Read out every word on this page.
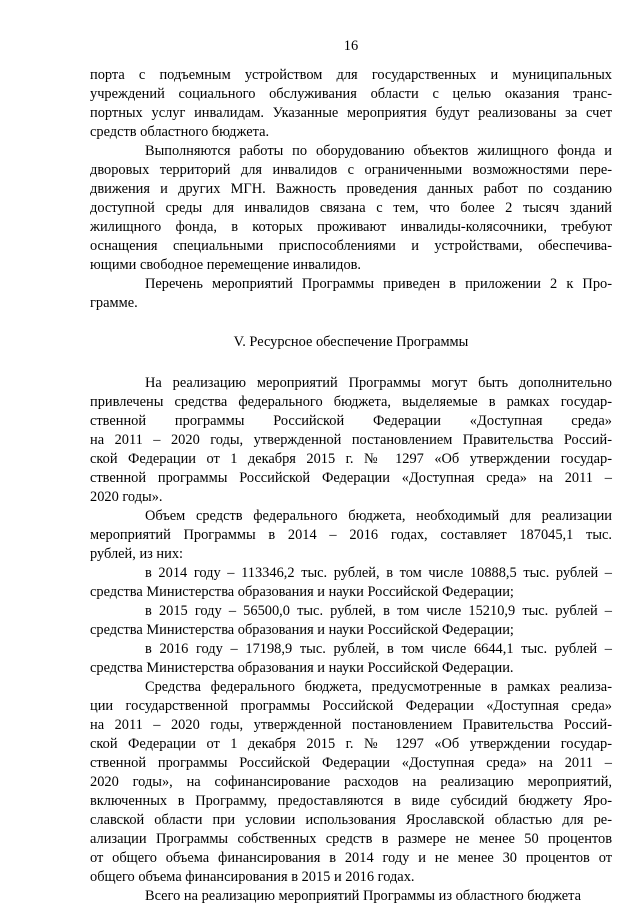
16

порта с подъемным устройством для государственных и муниципальных

учреждений социального обслуживания области с целью оказания транс-

портных услуг инвалидам. Указанные мероприятия будут реализованы за счет

средств областного бюджета.

Выполняются работы по оборудованию объектов жилищного фонда и

дворовых территорий для инвалидов с ограниченными возможностями пере-

движения и других МГН. Важность проведения данных работ по созданию

доступной среды для инвалидов связана с тем, что более 2 тысяч зданий

жилищного фонда, в которых проживают инвалиды-колясочники, требуют

оснащения специальными приспособлениями и устройствами, обеспечива-

ющими свободное перемещение инвалидов.

Перечень мероприятий Программы приведен в приложении 2 к Про-

грамме.

V. Ресурсное обеспечение Программы

На реализацию мероприятий Программы могут быть дополнительно

привлечены средства федерального бюджета, выделяемые в рамках государ-

ственной программы Российской Федерации «Доступная среда»

на 2011 – 2020 годы, утвержденной постановлением Правительства Россий-

ской Федерации от 1 декабря 2015 г. № 1297 «Об утверждении государ-

ственной программы Российской Федерации «Доступная среда» на 2011 –

2020 годы».

Объем средств федерального бюджета, необходимый для реализации

мероприятий Программы в 2014 – 2016 годах, составляет 187045,1 тыс.

рублей, из них:

в 2014 году – 113346,2 тыс. рублей, в том числе 10888,5 тыс. рублей –

средства Министерства образования и науки Российской Федерации;

в 2015 году – 56500,0 тыс. рублей, в том числе 15210,9 тыс. рублей –

средства Министерства образования и науки Российской Федерации;

в 2016 году – 17198,9 тыс. рублей, в том числе 6644,1 тыс. рублей –

средства Министерства образования и науки Российской Федерации.

Средства федерального бюджета, предусмотренные в рамках реализа-

ции государственной программы Российской Федерации «Доступная среда»

на 2011 – 2020 годы, утвержденной постановлением Правительства Россий-

ской Федерации от 1 декабря 2015 г. № 1297 «Об утверждении государ-

ственной программы Российской Федерации «Доступная среда» на 2011 –

2020 годы», на софинансирование расходов на реализацию мероприятий,

включенных в Программу, предоставляются в виде субсидий бюджету Яро-

славской области при условии использования Ярославской областью для ре-

ализации Программы собственных средств в размере не менее 50 процентов

от общего объема финансирования в 2014 году и не менее 30 процентов от

общего объема финансирования в 2015 и 2016 годах.

Всего на реализацию мероприятий Программы из областного бюджета
